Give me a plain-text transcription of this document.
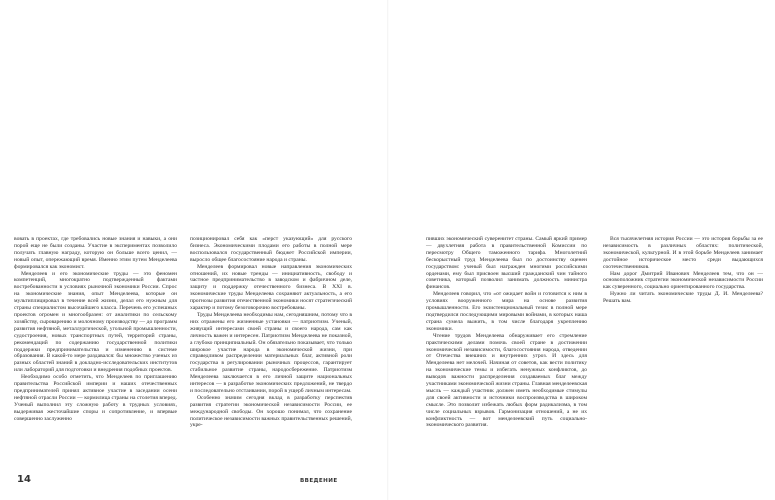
вовать в проектах, где требовались новые знания и навыки, а они порой еще не были созданы. Участие в экспериментах позволило получать главную награду, которую он больше всего ценил, — новый опыт, опережающий время. Именно этим путем Менделеева формировался как экономист.

Менделеев и его экономические труды — это феномен компетенций, многократно подтвержденный фактами востребованности в условиях рыночной экономики России. Спрос на экономические знания, опыт Менделеева, которые он мультиплицировал в течение всей жизни, делал его нужным для страны специалистом высочайшего класса. Перечень его успешных проектов огромен и многообразен: от аналитики по сельскому хозяйству, сыроварению и молочному производству — до программ развития нефтяной, металлургической, угольной промышленности, судостроения, новых транспортных путей, территорий страны, рекомендаций по содержанию государственной политики поддержки предпринимательства и изменению в системе образования. В какой-то мере раздавался: бы множество ученых из разных областей знаний в докладно-исследовательских институтов или лабораторий для подготовки и внедрения подобных проектов.

Необходимо особо отметить, что Менделеев по приглашению правительства Российской империи и наших отечественных предпринимателей принял активное участие в заседании осени нефтяной отрасли России — кормилица страны на столетия вперед. Ученый выполнил эту сложную работу в трудных условиях, выдерживая жесточайшие споры и сопротивление, и впервые совершенно заслуженно

позиционировал себя как «перст указующий» для русского бизнеса. Экономическими плодами его работы в полной мере воспользовался государственный бюджет Российской империи, выросло общее благосостояние народа и страны.

Менделеев формировал новые направления экономических отношений, их новые тренды — инициативность, свободу и частное предпринимательство в заводском и фабричном деле, защиту и поддержку отечественного бизнеса. В XXI в. экономические труды Менделеева сохраняют актуальность, а его прогнозы развития отечественной экономики носят стратегический характер и потому безоговорочно востребованы.

Труды Менделеева необходимы нам, сегодняшним, потому что в них отражены его жизненные установки — патриотизм. Ученый, живущий интересами своей страны и своего народа, сам как личность важен и интересен. Патриотизм Менделеева не показной, а глубоко принципиальный. Он обязательно показывает, что только широкое участие народа в экономической жизни, при справедливом распределении материальных благ, активной роли государства в регулировании рыночных процессов, гарантирует стабильное развитие страны, народосбережение. Патриотизм Менделеева заключается в его личной защите национальных интересов — в разработке экономических предложений, не твердо и последовательно отстаивании, порой в ущерб личным интересам.

Особенно значим сегодня вклад в разработку перспектив развития стратегии экономической независимости России, ее международной свободы. Он хорошо понимал, что сохранение политическое независимости важных правительственных решений, укре-

14	ВВЕДЕНИЕ

пивших экономический суверенитет страны. Самый яркий пример — двухлетняя работа в правительственной Комиссии по пересмотру Общего таможенного тарифа. Многолетний бескорыстный труд Менделеева был по достоинству оценен государством: ученый был награжден многими российскими орденами, ему был присвоен высший гражданский чин тайного советника, который позволил занимать должность министра финансов.

Менделеев говорил, что «от ожидает войн и готовится к ним в условиях вооруженного мира на основе развития промышленности. Его экзистенциональный тезис в полной мере подтвердился последующими мировыми войнами, в которых наша страна сумела выжить, в том числе благодаря укреплению экономики.

Чтение трудов Менделеева обнаруживает его стремление практическими делами помочь своей стране в достижении экономической независимости, благосостояния народа, отведении от Отечества внешних и внутренних угроз. И здесь для Менделеева нет мелочей. Начиная от советов, как вести политику на экономические темы и избегать ненужных конфликтов, до выводов важности распределения создаваемых благ между участниками экономической жизни страны. Главная менделеевская мысль — каждый участник должен иметь необходимые стимулы для своей активности и источники воспроизводства в широком смысле. Это позволит избежать любых форм радикализма, в том числе социальных взрывов. Гармонизация отношений, а не их конфликтность — вот менделеевский путь социально-экономического развития.

Вся тысячелетняя история России — это история борьбы за ее независимость в различных областях: политической, экономической, культурной. И в этой борьбе Менделеев занимает достойное историческое место среди выдающихся соотечественников.

Нам дорог Дмитрий Иванович Менделеев тем, что он — основоположник стратегии экономической независимости России как суверенного, социально ориентированного государства.

Нужно ли читать экономические труды Д. И. Менделеева? Решать вам.
